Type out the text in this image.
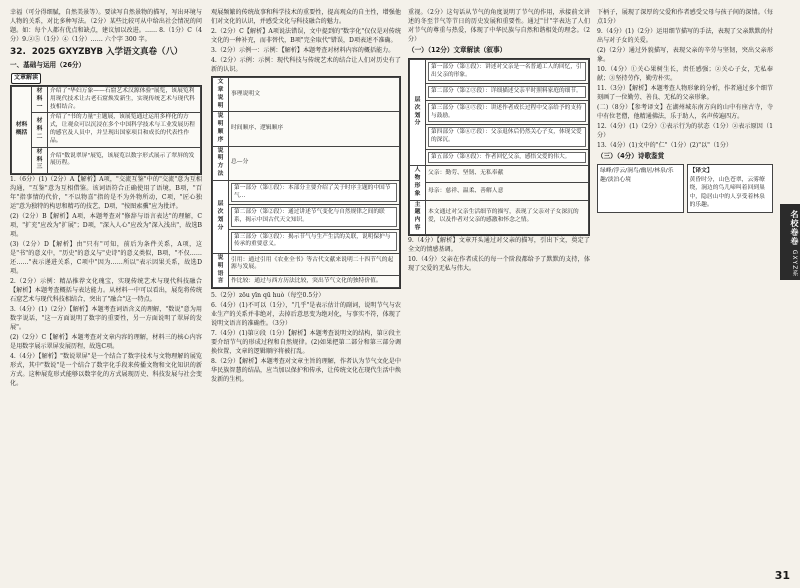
幸福（可分得细腻，自然美景等）。要读写自然景物的描写，写出环境与人物的关系，对比多种写法。（2分）某些比较可从中给出社会情况的问题。如：每个人都有优点和缺点，建议加以改进。…… 8.（1分）C（4分）9.②⑤（1分）④（1分）…… 六个字 300 字。

32. 2025 GXYZBYB 入学语文真卷（八）
一、基础与运用（26分）
文章解读
材料概括	材料一	介绍了"华妇万象——石窟艺术汉源体验"展览，该展览利用现代技术让古老石窟焕发新生，实现传统艺术与现代科技相结合。
	材料二	介绍了"书的力量"主题展，该展览通过运用多样化的方式，让观众可以沉浸在多个中国科学技术与工业发展历程的感官及人员中，并呈现出国家项目和成长的代表性作品。
	材料三	介绍"数说翠屏"展览，该展览以数字形式展示了翠屏的发展历程。

1.（6分）(1)（2分）A【解析】A项，"交流互鉴"中的"交流"意为互相沟通，"互鉴"意为互相借鉴。该词语符合正确使用了语境，B项，"百年"指事情的代价，"不以物喜"指的是不为外物所动，C项，"匠心独运"意为独特的构思和精巧的技艺，D项，"按图索骥"应为批评。

(2)（2分）B【解析】A项，本题考查对"修辞与语言表达"的理解，C项，"扩充"应改为"扩展"；D项，"深入人心"应改为"深入浅出"，故选B项。

(3)（2分）D【解析】由"只有"可知，前后为条件关系，A项，这是"书"的意义中，"历史"的意义与"史诗"的意义类似，B项，"不仅……还……"表示递进关系，C项中"因为……所以"表示因果关系，故选D项。

2.（2分）示例：精品推荐文化瑰宝，实现传统艺术与现代科技融合【解析】本题考查概括与表达能力。从材料一中可以看出，展览将传统石窟艺术与现代科技相结合，突出了"融合"这一特点。

3.（4分）(1)（2分）【解析】本题考查词语含义的理解，"数说"意为用数字说话，"这一方面说明了数字的重要性，另一方面说明了翠屏的发展"。

(2)（2分）C【解析】本题考查对文章内容的理解，材料三的核心内容是用数字展示翠屏发展历程，故选C项。

4.（4分）【解析】"数说翠屏"是一个结合了数字技术与文物理解的展览形式，其中"数说"是一个结合了数字化手段来传播文物和文化知识的新方式。这种展览形式能够以数字化的方式展现历史、科技发展与社会变化。

观展频繁的传统故事和科学技术的重要性，提高观众的自主性，增强他们对文化的认识，并感受文化与科技融合的魅力。

2.（2分）C【解析】A项说法错误，文中提到的"数字化"仅仅是对传统文化的一种补充，而非替代，B项"完全取代"错误，D项表述不准确。

3.（2分）示例一：示例：【解析】本题考查对材料内容的概括能力。

4.（2分）示例：示例：现代科技与传统艺术的结合让人们对历史有了新的认识。

文章说明	事理说明文
说明顺序	时间顺序、逻辑顺序
说明方法	总—分
层次划分	第一部分（第①段）：本部分主要介绍了关于时序主题的中国节气…

	第二部分（第②段）：通过讲述节气变化与自然规律之间的联系，揭示中国古代天文知识。

	第三部分（第③段）：揭示节气与生产生活的关联，说明保护与传承的重要意义。

说明语言	引用：通过引用《农业全书》等古代文献来说明二十四节气的起源与发展。
	作比较：通过与西方历法比较，突出节气文化的独特价值。

5.（2分）zōu yīn qū huò（每空0.5分）

6.（4分）(1)不可以（1分），"几乎"是表示估计的副词，说明节气与农业生产的关系并非绝对，去掉后意思变为绝对化，与事实不符，体现了说明文语言的准确性。（3分）

7.（4分）(1)第②段（1分）【解析】本题考查说明文的结构，第②段主要介绍节气的形成过程和自然规律。(2)如果把第二部分和第三部分调换位置，文章的逻辑顺序将被打乱。

8.（2分）【解析】本题考查对文章主旨的理解，作者认为节气文化是中华民族智慧的结晶，应当加以保护和传承，让传统文化在现代生活中焕发新的生机。

重视。（2分）这句话从节气的角度说明了节气的作用，承接前文讲述的冬至节气等节日的历史发展和重要性。通过"甘"字表达了人们对节气的尊重与热爱，体现了中华民族与自然和谐相处的理念。（2分）

（一）（12分）文章解读（叙事）
层次划分	第一部分（第①段）：讲述对父亲是一名普通工人的回忆，引出父亲的形象。

	第二部分（第②③段）：详细描述父亲平时照料家庭的细节。

	第三部分（第④⑤段）：讲述作者成长过程中父亲给予的支持与鼓励。

	第四部分（第⑥⑦段）：父亲退休后仍然关心子女，体现父爱的深沉。

	第五部分（第⑧段）：作者回忆父亲，感悟父爱的伟大。

人物形象	父亲：勤劳、坚韧、无私奉献
	母亲：慈祥、温柔、善解人意
主题内容	本文通过对父亲生活细节的描写，表现了父亲对子女深沉的爱，以及作者对父亲的感激和怀念之情。

9.（4分）【解析】文章开头通过对父亲的描写，引出下文，奠定了全文的情感基调。

10.（4分）父亲在作者成长的每一个阶段都给予了默默的支持，体现了父爱的无私与伟大。

下柄子，展现了深厚的父爱和作者感受父母与孩子间的深情。（每点1分）

9.（4分）(1)（2分）运用细节描写的手法，表现了父亲默默的付出与对子女的关爱。

(2)（2分）通过外貌描写，表现父亲的辛劳与坚韧，突出父亲形象。

10.（4分）①关心果树生长，责任感强；②关心子女，无私奉献；③坚持劳作，勤劳朴实。

11.（3分）【解析】本题考查人物形象的分析，作者通过多个细节刻画了一位勤劳、善良、无私的父亲形象。

(二)（8分）【参考译文】在湖州城东南方向的山中有座古寺，寺中有位老僧，他精通佛法，乐于助人，名声传遍四方。

12.（4分）(1)（2分）①表示行为的状态（1分）②表示原因（1分）

13.（4分）(1)文中的"仁"（1分）(2)"以"（1分）

（三）（4分）诗歌鉴赏
绿峰/浮云/涧鸟/幽居/林泉/乐趣/淡泊心境
【译文】
黄昏时分，山色苍翠，云雾缭绕，涧边的鸟儿啼叫着回到巢中，隐居山中的人享受着林泉的乐趣。
名校卷卷 GXYZ系
31
